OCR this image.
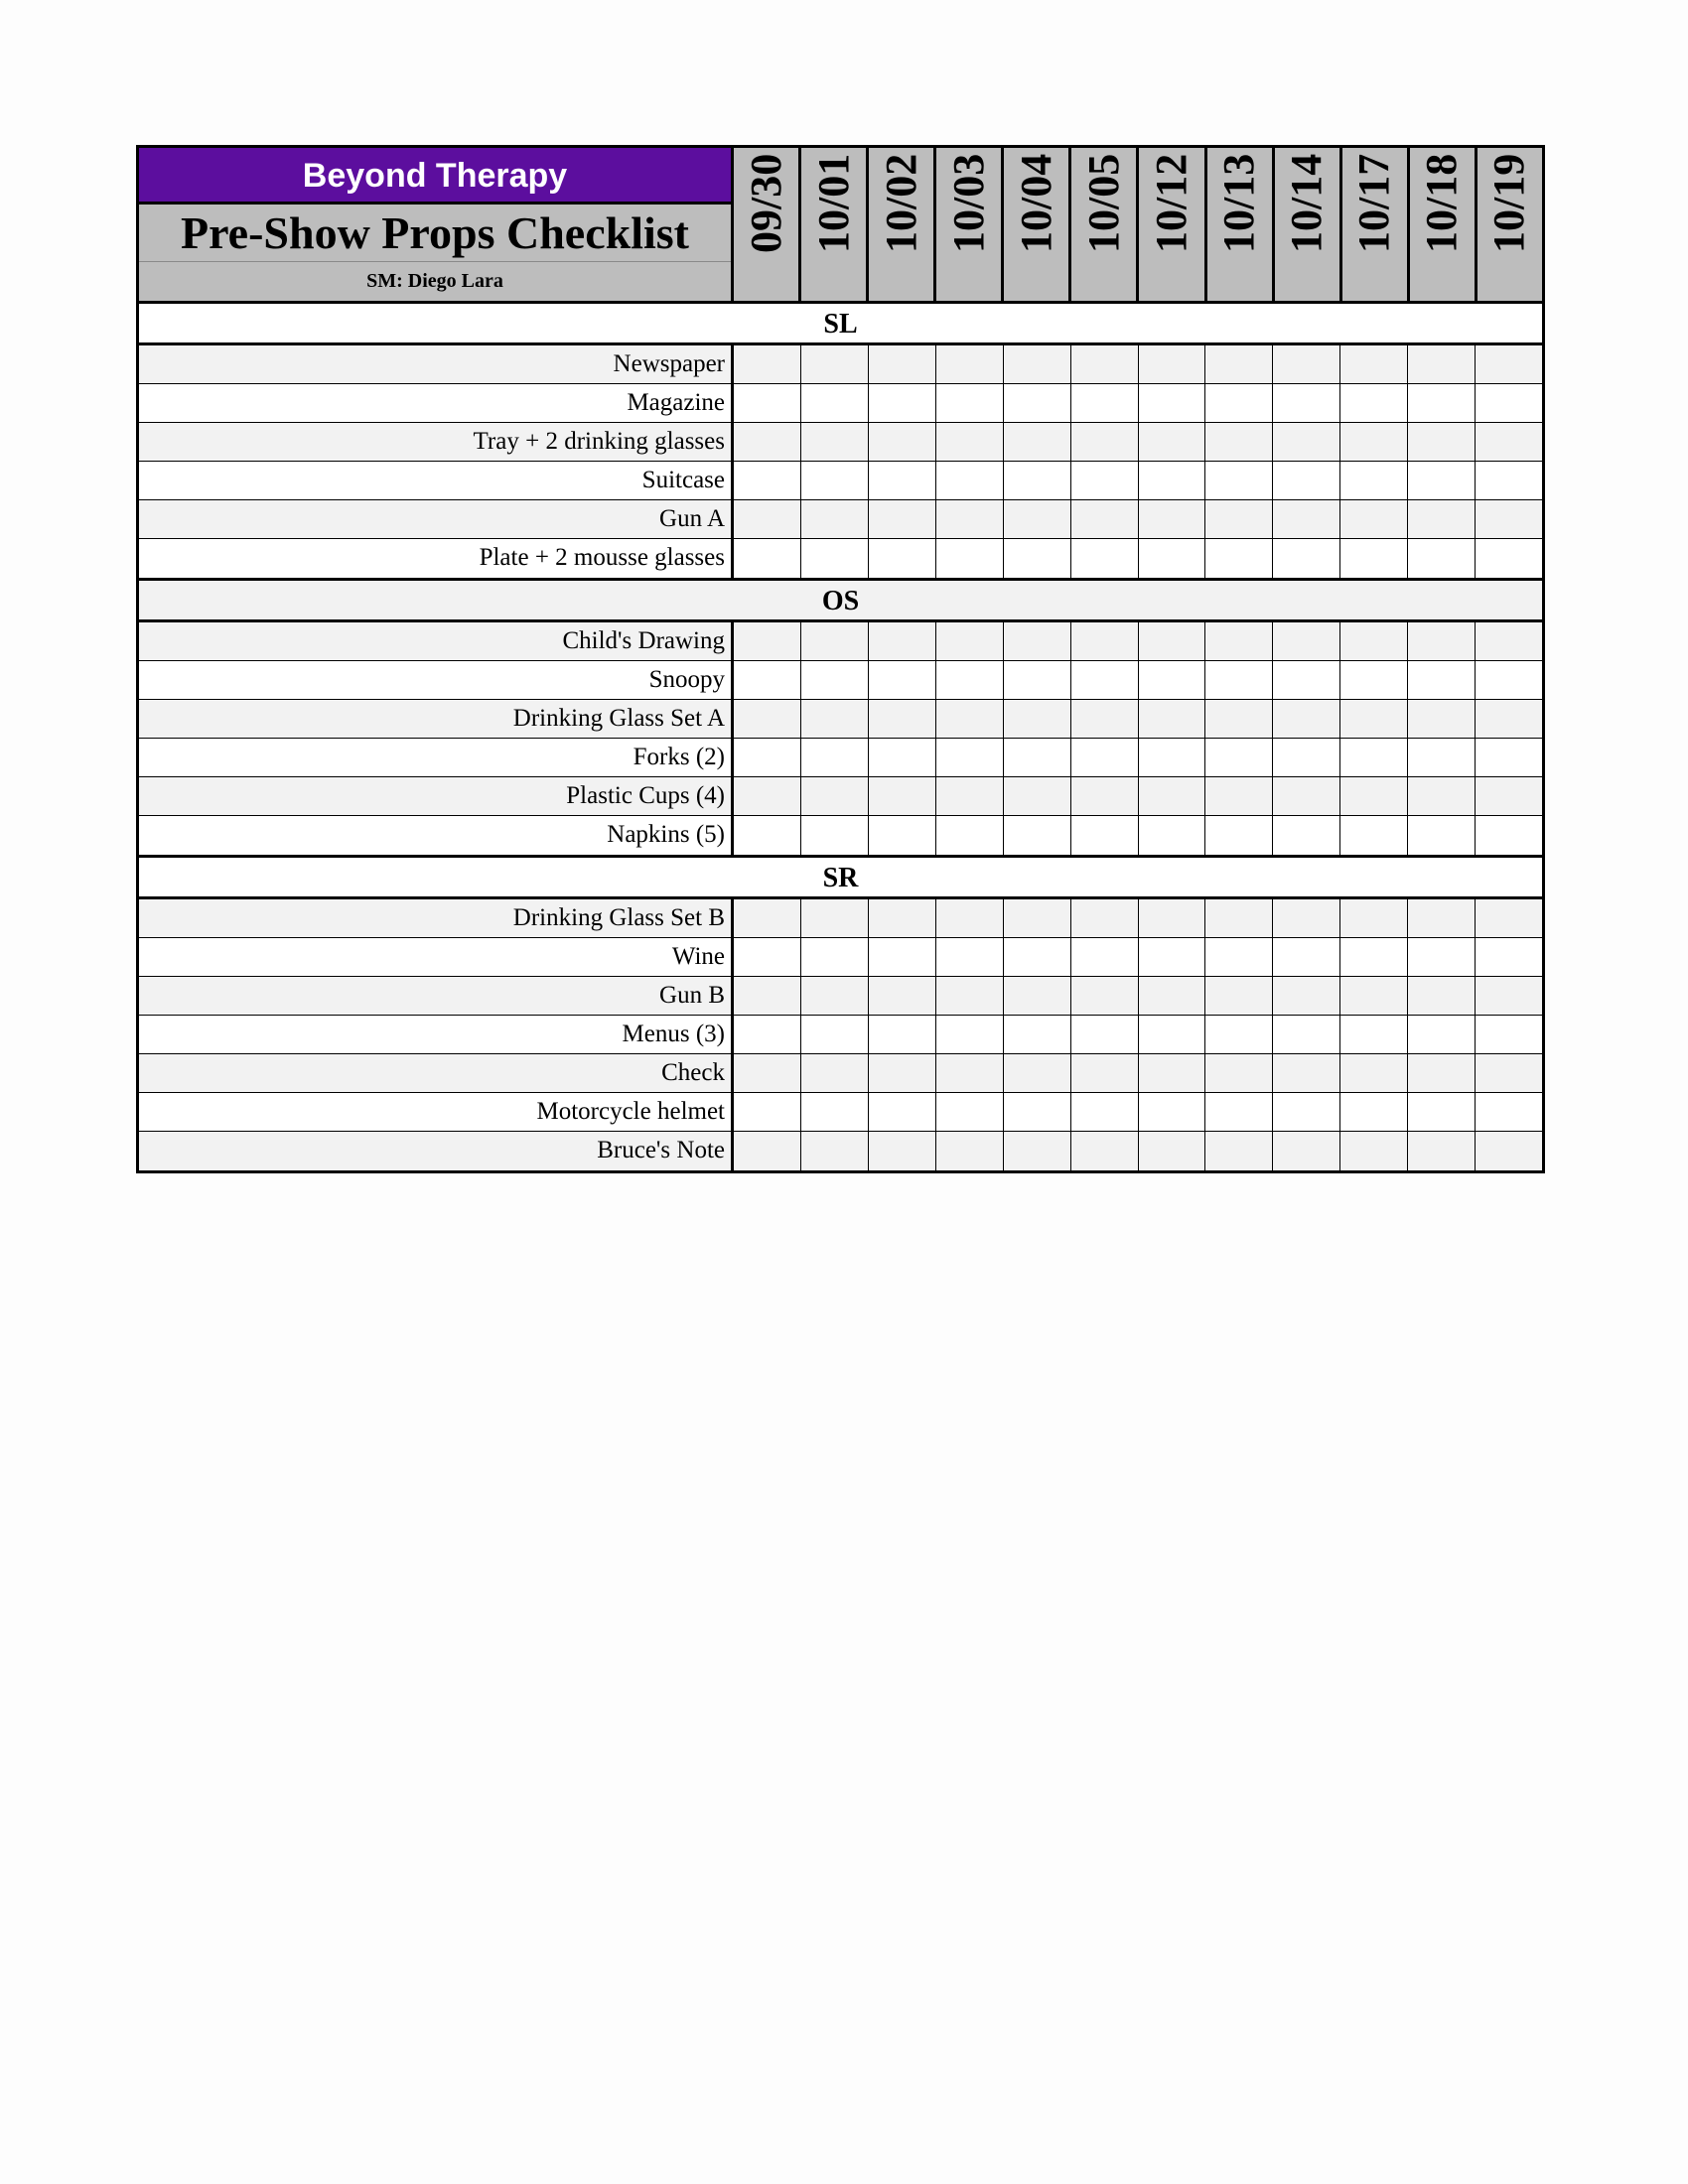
Beyond Therapy
Pre-Show Props Checklist
SM: Diego Lara
09/30 10/01 10/02 10/03 10/04 10/05 10/12 10/13 10/14 10/17 10/18 10/19
SL
Newspaper
Magazine
Tray + 2 drinking glasses
Suitcase
Gun A
Plate + 2 mousse glasses
OS
Child's Drawing
Snoopy
Drinking Glass Set A
Forks (2)
Plastic Cups (4)
Napkins (5)
SR
Drinking Glass Set B
Wine
Gun B
Menus (3)
Check
Motorcycle helmet
Bruce's Note
